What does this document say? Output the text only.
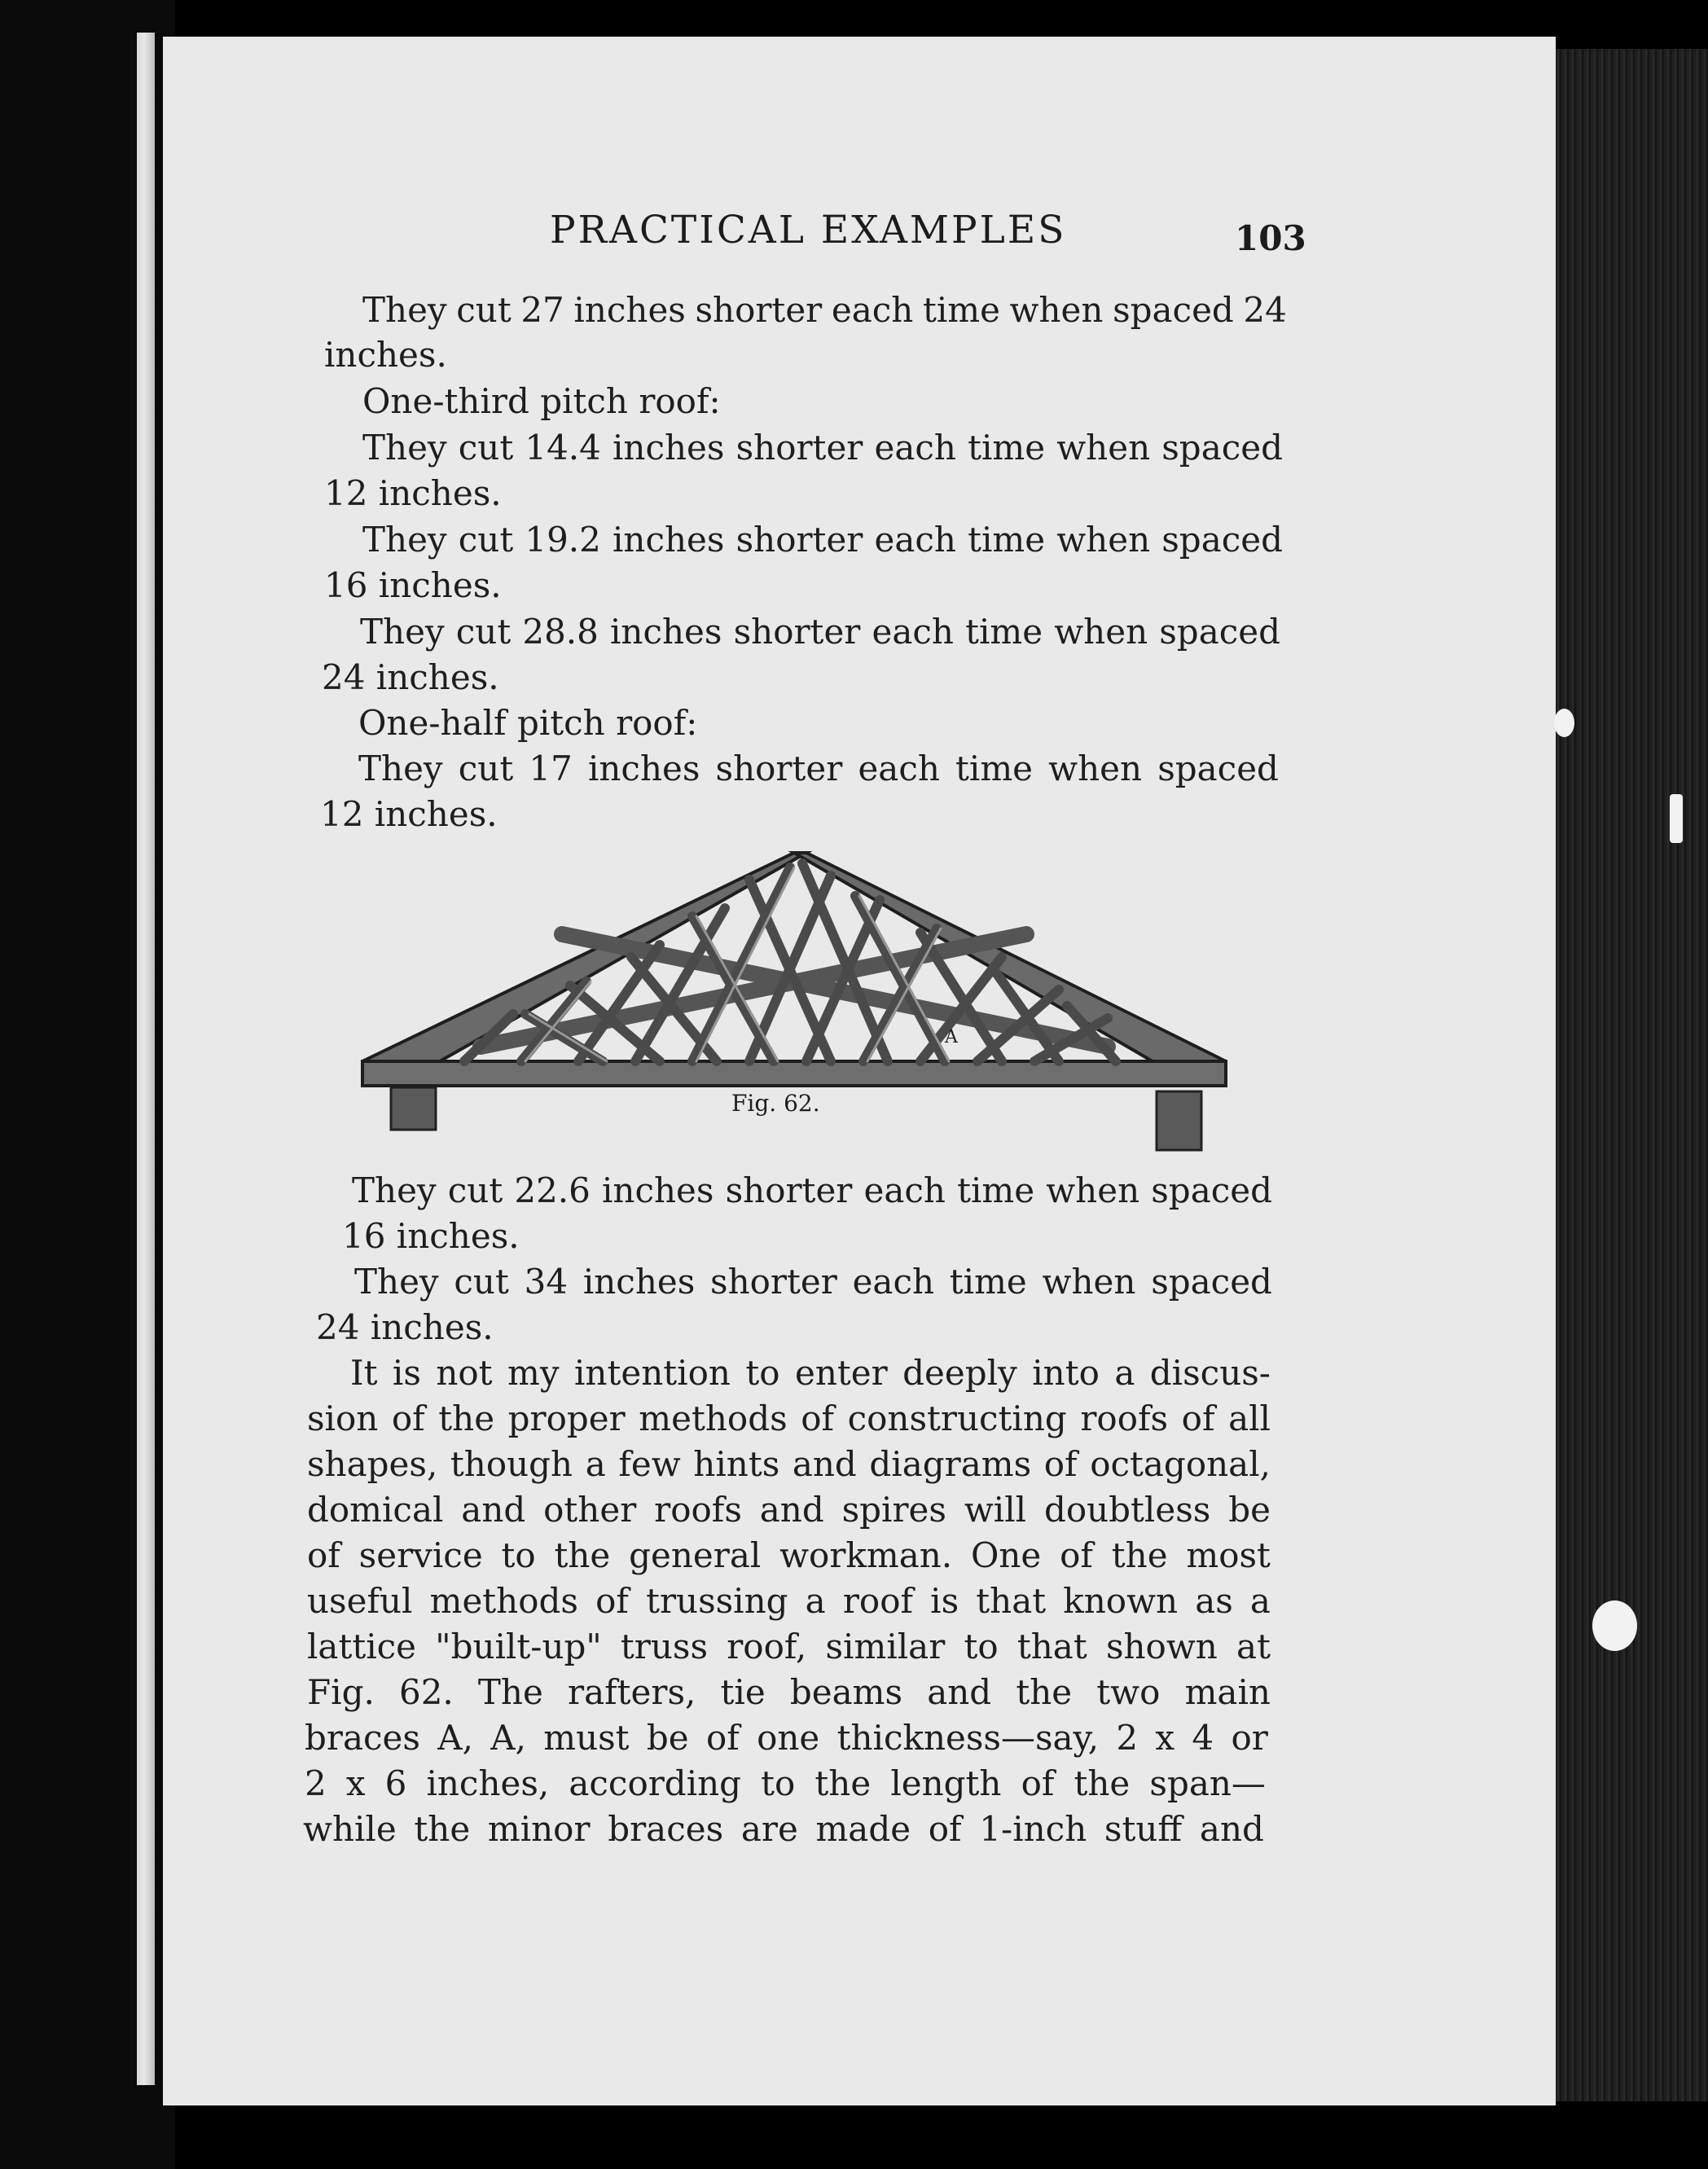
PRACTICAL EXAMPLES	103
They cut 27 inches shorter each time when spaced 24
inches.
One-third pitch roof:
They cut 14.4 inches shorter each time when spaced
12 inches.
They cut 19.2 inches shorter each time when spaced
16 inches.
They cut 28.8 inches shorter each time when spaced
24 inches.
One-half pitch roof:
They cut 17 inches shorter each time when spaced
12 inches.
A
Fig. 62.
They cut 22.6 inches shorter each time when spaced
16 inches.
They cut 34 inches shorter each time when spaced
24 inches.
It is not my intention to enter deeply into a discus-
sion of the proper methods of constructing roofs of all
shapes, though a few hints and diagrams of octagonal,
domical and other roofs and spires will doubtless be
of service to the general workman. One of the most
useful methods of trussing a roof is that known as a
lattice "built-up" truss roof, similar to that shown at
Fig. 62. The rafters, tie beams and the two main
braces A, A, must be of one thickness—say, 2 x 4 or
2 x 6 inches, according to the length of the span—
while the minor braces are made of 1-inch stuff and
